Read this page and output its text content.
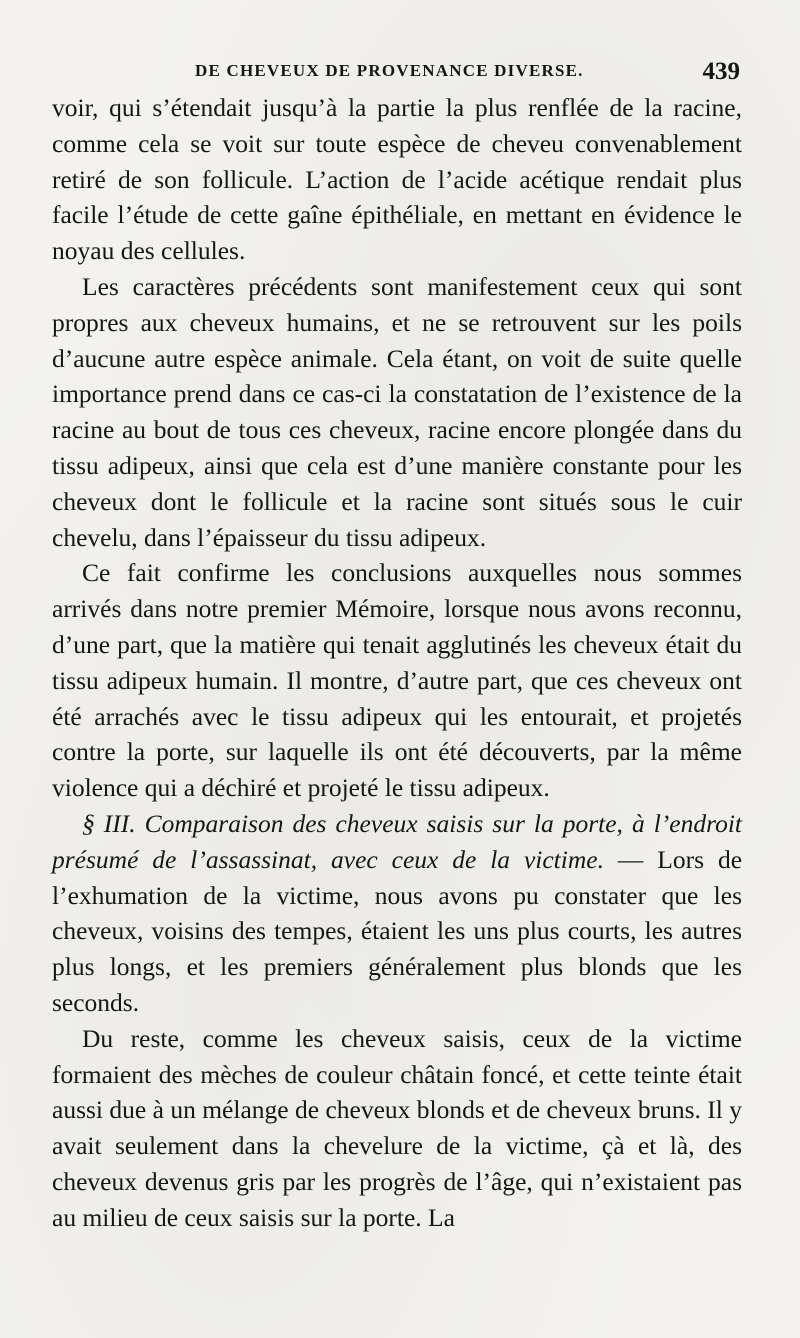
DE CHEVEUX DE PROVENANCE DIVERSE.	439

voir, qui s’étendait jusqu’à la partie la plus renflée de la racine, comme cela se voit sur toute espèce de cheveu convenablement retiré de son follicule. L’action de l’acide acétique rendait plus facile l’étude de cette gaîne épithéliale, en mettant en évidence le noyau des cellules.

Les caractères précédents sont manifestement ceux qui sont propres aux cheveux humains, et ne se retrouvent sur les poils d’aucune autre espèce animale. Cela étant, on voit de suite quelle importance prend dans ce cas-ci la constatation de l’existence de la racine au bout de tous ces cheveux, racine encore plongée dans du tissu adipeux, ainsi que cela est d’une manière constante pour les cheveux dont le follicule et la racine sont situés sous le cuir chevelu, dans l’épaisseur du tissu adipeux.

Ce fait confirme les conclusions auxquelles nous sommes arrivés dans notre premier Mémoire, lorsque nous avons reconnu, d’une part, que la matière qui tenait agglutinés les cheveux était du tissu adipeux humain. Il montre, d’autre part, que ces cheveux ont été arrachés avec le tissu adipeux qui les entourait, et projetés contre la porte, sur laquelle ils ont été découverts, par la même violence qui a déchiré et projeté le tissu adipeux.

§ III. Comparaison des cheveux saisis sur la porte, à l’endroit présumé de l’assassinat, avec ceux de la victime. — Lors de l’exhumation de la victime, nous avons pu constater que les cheveux, voisins des tempes, étaient les uns plus courts, les autres plus longs, et les premiers généralement plus blonds que les seconds.

Du reste, comme les cheveux saisis, ceux de la victime formaient des mèches de couleur châtain foncé, et cette teinte était aussi due à un mélange de cheveux blonds et de cheveux bruns. Il y avait seulement dans la chevelure de la victime, çà et là, des cheveux devenus gris par les progrès de l’âge, qui n’existaient pas au milieu de ceux saisis sur la porte. La
